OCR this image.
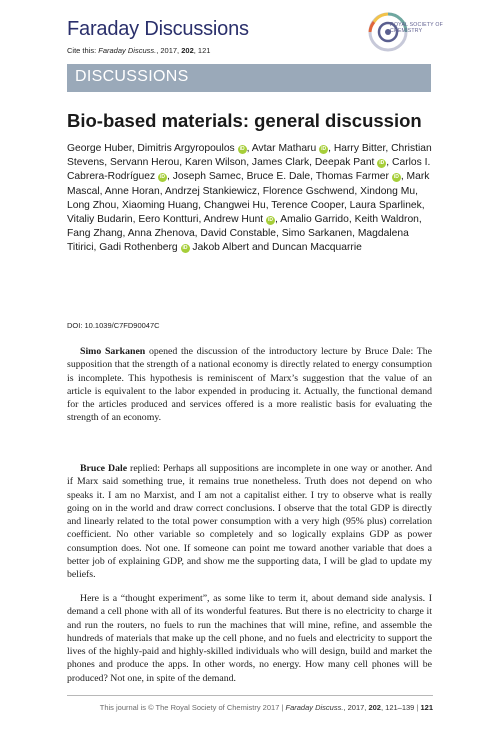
Faraday Discussions
Cite this: Faraday Discuss., 2017, 202, 121
ROYAL SOCIETY OF CHEMISTRY
DISCUSSIONS
Bio-based materials: general discussion
George Huber, Dimitris Argyropoulos iD , Avtar Matharu iD , Harry Bitter, Christian Stevens, Servann Herou, Karen Wilson, James Clark, Deepak Pant iD , Carlos I. Cabrera-Rodríguez iD , Joseph Samec, Bruce E. Dale, Thomas Farmer iD , Mark Mascal, Anne Horan, Andrzej Stankiewicz, Florence Gschwend, Xindong Mu, Long Zhou, Xiaoming Huang, Changwei Hu, Terence Cooper, Laura Sparlinek, Vitaliy Budarin, Eero Kontturi, Andrew Hunt iD , Amalio Garrido, Keith Waldron, Fang Zhang, Anna Zhenova, David Constable, Simo Sarkanen, Magdalena Titirici, Gadi Rothenberg iD Jakob Albert and Duncan Macquarrie
DOI: 10.1039/C7FD90047C

Simo Sarkanen opened the discussion of the introductory lecture by Bruce Dale: The supposition that the strength of a national economy is directly related to energy consumption is incomplete. This hypothesis is reminiscent of Marx’s suggestion that the value of an article is equivalent to the labor expended in producing it. Actually, the functional demand for the articles produced and services offered is a more realistic basis for evaluating the strength of an economy.

Bruce Dale replied: Perhaps all suppositions are incomplete in one way or another. And if Marx said something true, it remains true nonetheless. Truth does not depend on who speaks it. I am no Marxist, and I am not a capitalist either. I try to observe what is really going on in the world and draw correct conclusions. I observe that the total GDP is directly and linearly related to the total power consumption with a very high (95% plus) correlation coefficient. No other variable so completely and so logically explains GDP as power consumption does. Not one. If someone can point me toward another variable that does a better job of explaining GDP, and show me the supporting data, I will be glad to update my beliefs.

Here is a “thought experiment”, as some like to term it, about demand side analysis. I demand a cell phone with all of its wonderful features. But there is no electricity to charge it and run the routers, no fuels to run the machines that will mine, refine, and assemble the hundreds of materials that make up the cell phone, and no fuels and electricity to support the lives of the highly-paid and highly-skilled individuals who will design, build and market the phones and produce the apps. In other words, no energy. How many cell phones will be produced? Not one, in spite of the demand.

This journal is © The Royal Society of Chemistry 2017 | Faraday Discuss., 2017, 202, 121–139 | 121
